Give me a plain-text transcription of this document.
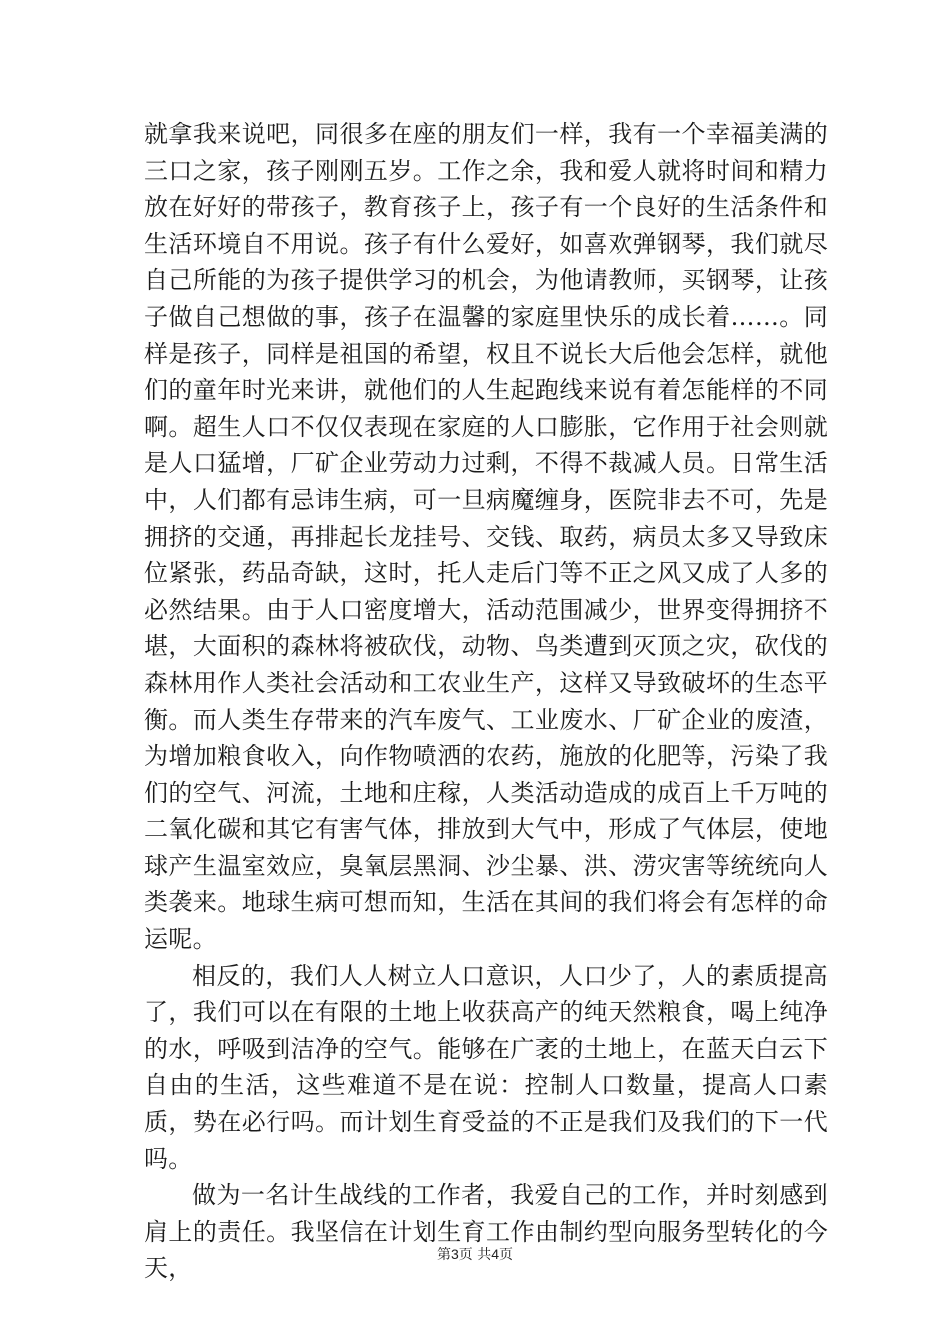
就拿我来说吧，同很多在座的朋友们一样，我有一个幸福美满的三口之家，孩子刚刚五岁。工作之余，我和爱人就将时间和精力放在好好的带孩子，教育孩子上，孩子有一个良好的生活条件和生活环境自不用说。孩子有什么爱好，如喜欢弹钢琴，我们就尽自己所能的为孩子提供学习的机会，为他请教师，买钢琴，让孩子做自己想做的事，孩子在温馨的家庭里快乐的成长着……。同样是孩子，同样是祖国的希望，权且不说长大后他会怎样，就他们的童年时光来讲，就他们的人生起跑线来说有着怎能样的不同啊。超生人口不仅仅表现在家庭的人口膨胀，它作用于社会则就是人口猛增，厂矿企业劳动力过剩，不得不裁减人员。日常生活中，人们都有忌讳生病，可一旦病魔缠身，医院非去不可，先是拥挤的交通，再排起长龙挂号、交钱、取药，病员太多又导致床位紧张，药品奇缺，这时，托人走后门等不正之风又成了人多的必然结果。由于人口密度增大，活动范围减少，世界变得拥挤不堪，大面积的森林将被砍伐，动物、鸟类遭到灭顶之灾，砍伐的森林用作人类社会活动和工农业生产，这样又导致破坏的生态平衡。而人类生存带来的汽车废气、工业废水、厂矿企业的废渣，为增加粮食收入，向作物喷洒的农药，施放的化肥等，污染了我们的空气、河流，土地和庄稼，人类活动造成的成百上千万吨的二氧化碳和其它有害气体，排放到大气中，形成了气体层，使地球产生温室效应，臭氧层黑洞、沙尘暴、洪、涝灾害等统统向人类袭来。地球生病可想而知，生活在其间的我们将会有怎样的命运呢。

相反的，我们人人树立人口意识，人口少了，人的素质提高了，我们可以在有限的土地上收获高产的纯天然粮食，喝上纯净的水，呼吸到洁净的空气。能够在广袤的土地上，在蓝天白云下自由的生活，这些难道不是在说：控制人口数量，提高人口素质，势在必行吗。而计划生育受益的不正是我们及我们的下一代吗。

做为一名计生战线的工作者，我爱自己的工作，并时刻感到肩上的责任。我坚信在计划生育工作由制约型向服务型转化的今天，	第3页 共4页
